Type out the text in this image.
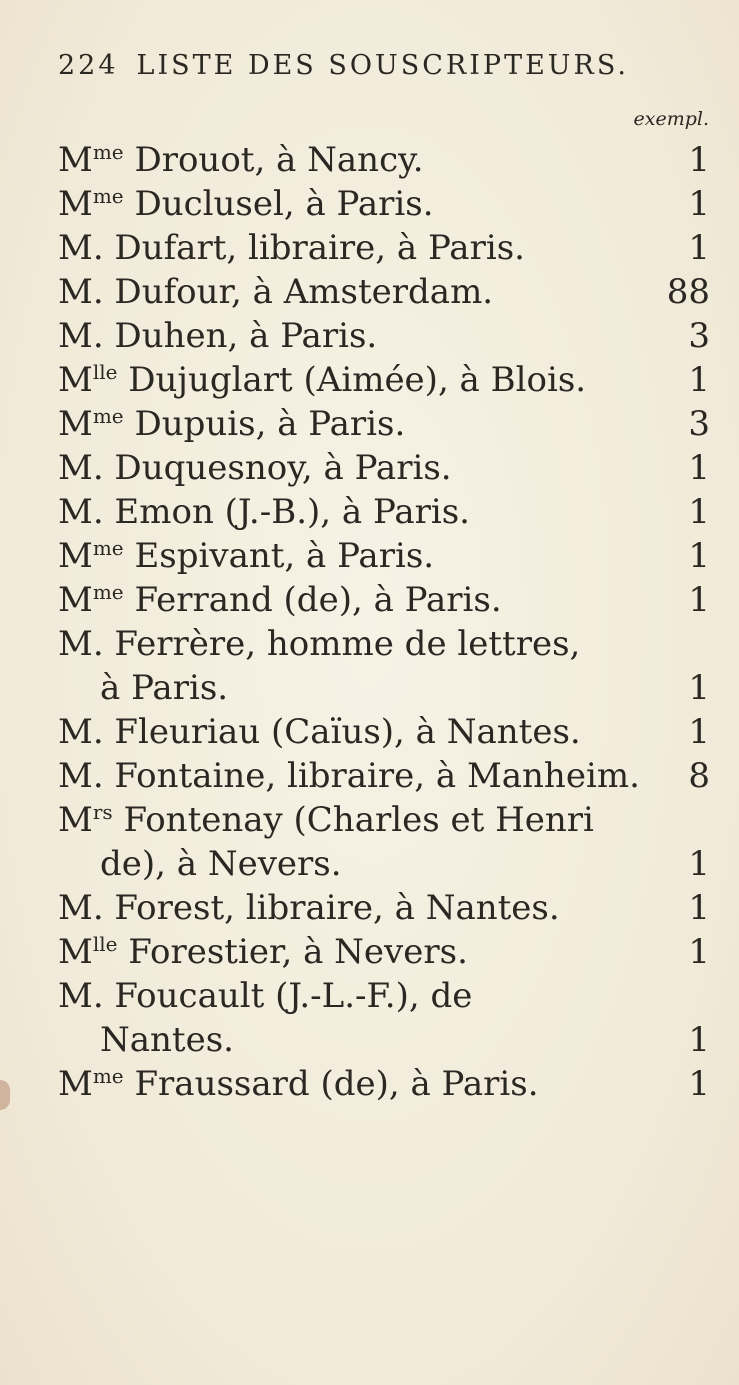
224 LISTE DES SOUSCRIPTEURS.
exempl.
$M^{me}$ Drouot, à Nancy.	1
$M^{me}$ Duclusel, à Paris.	1
M. Dufart, libraire, à Paris.	1
M. Dufour, à Amsterdam.	88
M. Duhen, à Paris.	3
$M^{lle}$ Dujuglart (Aimée), à Blois.	1
$M^{me}$ Dupuis, à Paris.	3
M. Duquesnoy, à Paris.	1
M. Emon (J.-B.), à Paris.	1
$M^{me}$ Espivant, à Paris.	1
$M^{me}$ Ferrand (de), à Paris.	1
M. Ferrère, homme de lettres,
à Paris.	1
M. Fleuriau (Caïus), à Nantes.	1
M. Fontaine, libraire, à Manheim. 8
$M^{rs}$ Fontenay (Charles et Henri
de), à Nevers.	1
M. Forest, libraire, à Nantes.	1
$M^{lle}$ Forestier, à Nevers.	1
M. Foucault (J.-L.-F.), de
Nantes.	1
$M^{me}$ Fraussard (de), à Paris.	1
